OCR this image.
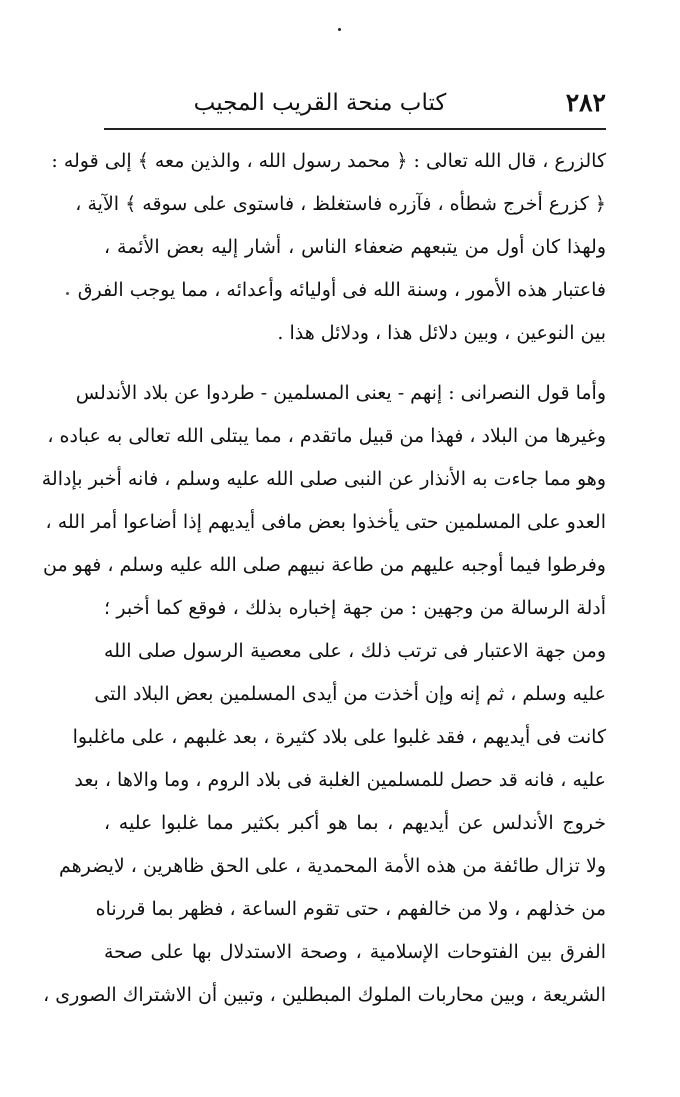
٢٨٢
كتاب منحة القريب المجيب
كالزرع ، قال الله تعالى : ﴿ محمد رسول الله ، والذين معه ﴾ إلى قوله :
﴿ كزرع أخرج شطأه ، فآزره فاستغلظ ، فاستوى على سوقه ﴾ الآية ،
ولهذا كان أول من يتبعهم ضعفاء الناس ، أشار إليه بعض الأئمة ،
فاعتبار هذه الأمور ، وسنة الله فى أوليائه وأعدائه ، مما يوجب الفرق
بين النوعين ، وبين دلائل هذا ، ودلائل هذا .
وأما قول النصرانى : إنهم - يعنى المسلمين - طردوا عن بلاد الأندلس
وغيرها من البلاد ، فهذا من قبيل ماتقدم ، مما يبتلى الله تعالى به عباده ،
وهو مما جاءت به الأنذار عن النبى صلى الله عليه وسلم ، فانه أخبر بإدالة
العدو على المسلمين حتى يأخذوا بعض مافى أيديهم إذا أضاعوا أمر الله ،
وفرطوا فيما أوجبه عليهم من طاعة نبيهم صلى الله عليه وسلم ، فهو من
أدلة الرسالة من وجهين : من جهة إخباره بذلك ، فوقع كما أخبر ؛
ومن جهة الاعتبار فى ترتب ذلك ، على معصية الرسول صلى الله
عليه وسلم ، ثم إنه وإن أخذت من أيدى المسلمين بعض البلاد التى
كانت فى أيديهم ، فقد غلبوا على بلاد كثيرة ، بعد غلبهم ، على ماغلبوا
عليه ، فانه قد حصل للمسلمين الغلبة فى بلاد الروم ، وما والاها ، بعد
خروج الأندلس عن أيديهم ، بما هو أكبر بكثير مما غلبوا عليه ،
ولا تزال طائفة من هذه الأمة المحمدية ، على الحق ظاهرين ، لايضرهم
من خذلهم ، ولا من خالفهم ، حتى تقوم الساعة ، فظهر بما قررناه
الفرق بين الفتوحات الإسلامية ، وصحة الاستدلال بها على صحة
الشريعة ، وبين محاربات الملوك المبطلين ، وتبين أن الاشتراك الصورى ،
